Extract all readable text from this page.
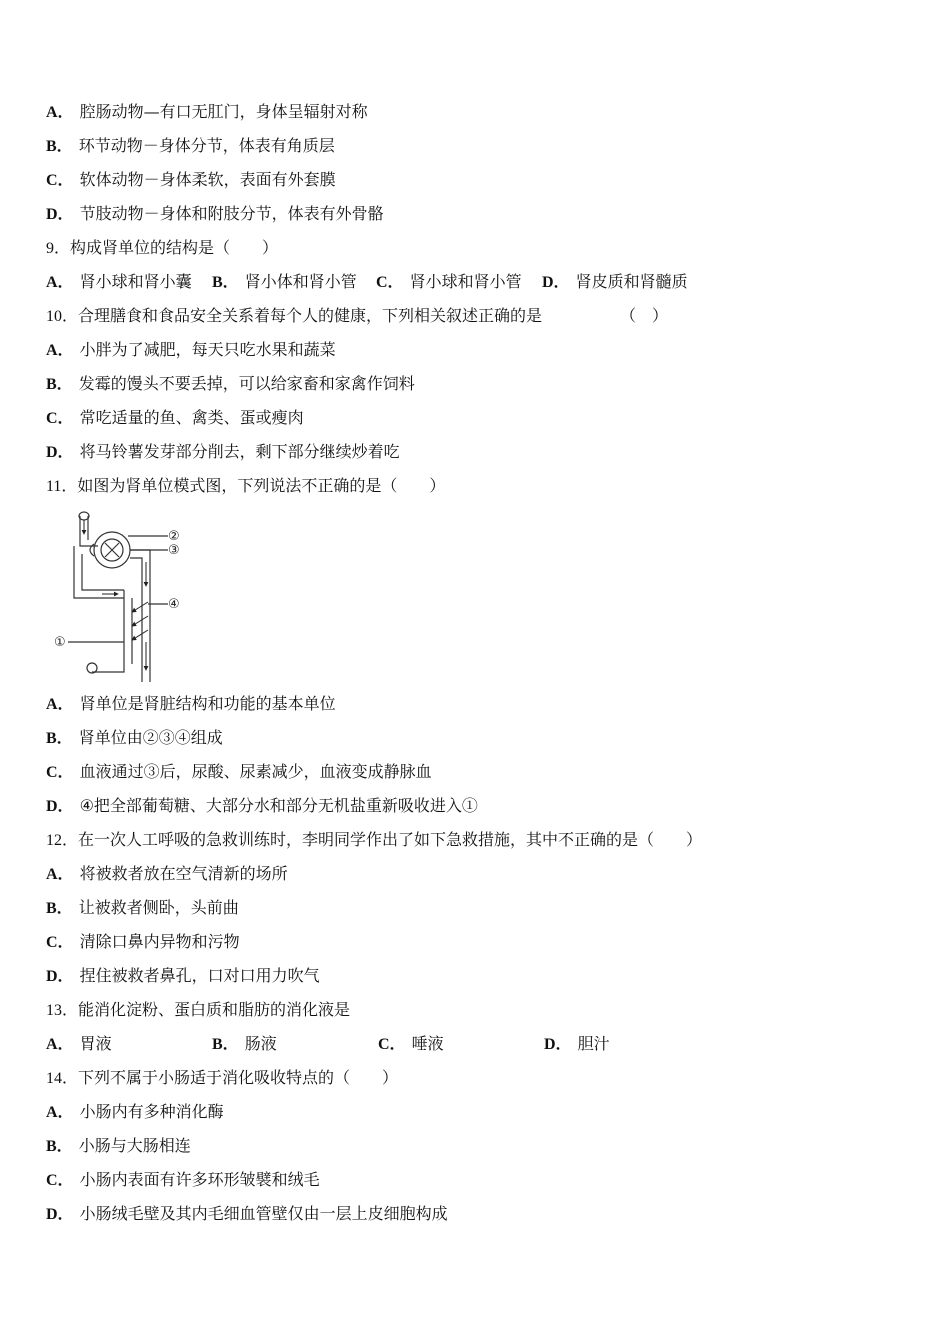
A． 腔肠动物—有口无肛门，身体呈辐射对称
B． 环节动物－身体分节，体表有角质层
C． 软体动物－身体柔软，表面有外套膜
D． 节肢动物－身体和附肢分节，体表有外骨骼
9．构成肾单位的结构是（　　）
A． 肾小球和肾小囊 B． 肾小体和肾小管 C． 肾小球和肾小管 D． 肾皮质和肾髓质
10．合理膳食和食品安全关系着每个人的健康，下列相关叙述正确的是	（　）
A． 小胖为了减肥，每天只吃水果和蔬菜
B． 发霉的馒头不要丢掉，可以给家畜和家禽作饲料
C． 常吃适量的鱼、禽类、蛋或瘦肉
D． 将马铃薯发芽部分削去，剩下部分继续炒着吃
11．如图为肾单位模式图，下列说法不正确的是（　　）
②
③
④
①
A． 肾单位是肾脏结构和功能的基本单位
B． 肾单位由②③④组成
C． 血液通过③后，尿酸、尿素减少，血液变成静脉血
D． ④把全部葡萄糖、大部分水和部分无机盐重新吸收进入①
12．在一次人工呼吸的急救训练时，李明同学作出了如下急救措施，其中不正确的是（　　）
A． 将被救者放在空气清新的场所
B． 让被救者侧卧，头前曲
C． 清除口鼻内异物和污物
D． 捏住被救者鼻孔，口对口用力吹气
13．能消化淀粉、蛋白质和脂肪的消化液是
A． 胃液	B． 肠液	C． 唾液	D． 胆汁
14．下列不属于小肠适于消化吸收特点的（　　）
A． 小肠内有多种消化酶
B． 小肠与大肠相连
C． 小肠内表面有许多环形皱襞和绒毛
D． 小肠绒毛壁及其内毛细血管壁仅由一层上皮细胞构成
